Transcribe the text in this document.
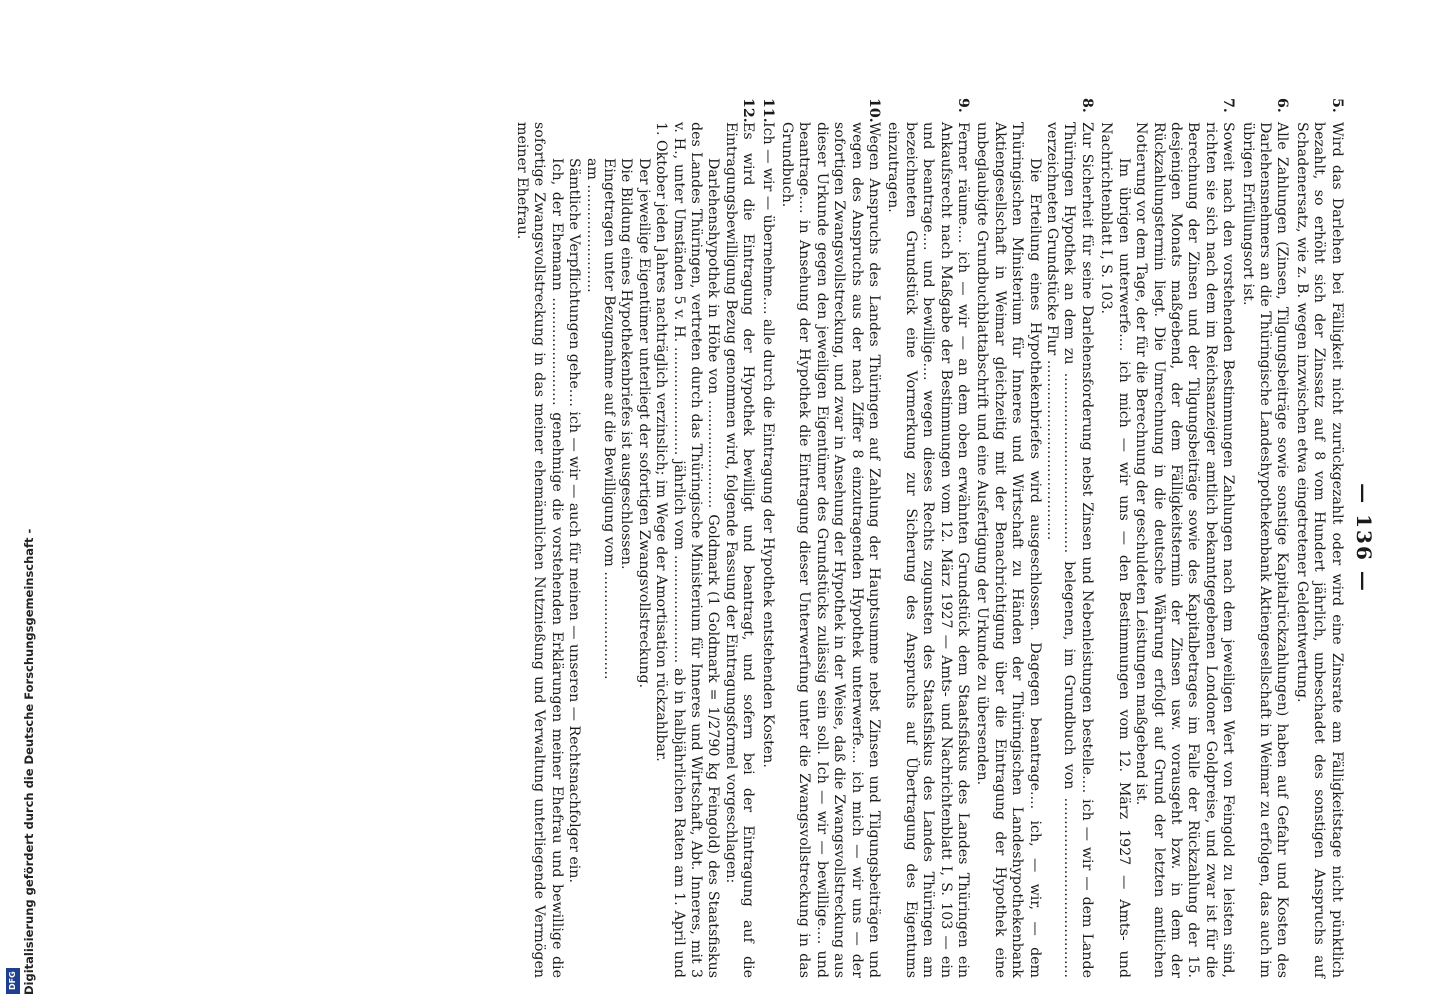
— 136 —
5.

Wird das Darlehen bei Fälligkeit nicht zurückgezahlt oder wird eine Zinsrate am Fälligkeitstage nicht pünktlich bezahlt, so erhöht sich der Zinssatz auf 8 vom Hundert jährlich, unbeschadet des sonstigen Anspruchs auf Schadenersatz, wie z. B. wegen inzwischen etwa eingetretener Geldentwertung.

6.

Alle Zahlungen (Zinsen, Tilgungsbeiträge sowie sonstige Kapitalrückzahlungen) haben auf Gefahr und Kosten des Darlehensnehmers an die Thüringische Landeshypothekenbank Aktiengesellschaft in Weimar zu erfolgen, das auch im übrigen Erfüllungsort ist.

7.

Soweit nach den vorstehenden Bestimmungen Zahlungen nach dem jeweiligen Wert von Feingold zu leisten sind, richten sie sich nach dem im Reichsanzeiger amtlich bekanntgegebenen Londoner Goldpreise, und zwar ist für die Berechnung der Zinsen und der Tilgungsbeiträge sowie des Kapitalbetrages im Falle der Rückzahlung der 15. desjenigen Monats maßgebend, der dem Fälligkeitstermin der Zinsen usw. vorausgeht bzw. in dem der Rückzahlungstermin liegt. Die Umrechnung in die deutsche Währung erfolgt auf Grund der letzten amtlichen Notierung vor dem Tage, der für die Berechnung der geschuldeten Leistungen maßgebend ist.

Im übrigen unterwerfe.... ich mich — wir uns — den Bestimmungen vom 12. März 1927 — Amts- und Nachrichtenblatt I, S. 103.

8.

Zur Sicherheit für seine Darlehensforderung nebst Zinsen und Nebenleistungen bestelle.... ich — wir — dem Lande Thüringen Hypothek an dem zu ........................................ belegenen, im Grundbuch von ........................................ verzeichneten Grundstücke Flur ........................................

Die Erteilung eines Hypothekenbriefes wird ausgeschlossen. Dagegen beantrage.... ich, — wir, — dem Thüringischen Ministerium für Inneres und Wirtschaft zu Händen der Thüringischen Landeshypothekenbank Aktiengesellschaft in Weimar gleichzeitig mit der Benachrichtigung über die Eintragung der Hypothek eine unbeglaubigte Grundbuchblattabschrift und eine Ausfertigung der Urkunde zu übersenden.

9.

Ferner räume.... ich — wir — an dem oben erwähnten Grundstück dem Staatsfiskus des Landes Thüringen ein Ankaufsrecht nach Maßgabe der Bestimmungen vom 12. März 1927 — Amts- und Nachrichtenblatt I, S. 103 — ein und beantrage.... und bewillige.... wegen dieses Rechts zugunsten des Staatsfiskus des Landes Thüringen am bezeichneten Grundstück eine Vormerkung zur Sicherung des Anspruchs auf Übertragung des Eigentums einzutragen.

10.

Wegen Anspruchs des Landes Thüringen auf Zahlung der Hauptsumme nebst Zinsen und Tilgungsbeiträgen und wegen des Anspruchs aus der nach Ziffer 8 einzutragenden Hypothek unterwerfe.... ich mich — wir uns — der sofortigen Zwangsvollstreckung, und zwar in Ansehung der Hypothek in der Weise, daß die Zwangsvollstreckung aus dieser Urkunde gegen den jeweiligen Eigentümer des Grundstücks zulässig sein soll. Ich — wir — bewillige.... und beantrage.... in Ansehung der Hypothek die Eintragung dieser Unterwerfung unter die Zwangsvollstreckung in das Grundbuch.

11.

Ich — wir — übernehme.... alle durch die Eintragung der Hypothek entstehenden Kosten.

12.

Es wird die Eintragung der Hypothek bewilligt und beantragt, und sofern bei der Eintragung auf die Eintragungsbewilligung Bezug genommen wird, folgende Fassung der Eintragungsformel vorgeschlagen:

Darlehenshypothek in Höhe von ........................ Goldmark (1 Goldmark = 1/2790 kg Feingold) des Staatsfiskus des Landes Thüringen, vertreten durch das Thüringische Ministerium für Inneres und Wirtschaft, Abt. Inneres, mit 3 v. H., unter Umständen 5 v. H. ........................ jährlich vom ........................ ab in halbjährlichen Raten am 1. April und 1. Oktober jeden Jahres nachträglich verzinslich; im Wege der Amortisation rückzahlbar.

Der jeweilige Eigentümer unterliegt der sofortigen Zwangsvollstreckung.

Die Bildung eines Hypothekenbriefes ist ausgeschlossen.

Eingetragen unter Bezugnahme auf die Bewilligung vom ........................

am ........................

Sämtliche Verpflichtungen gehe.... ich — wir — auch für meinen — unseren — Rechtsnachfolger ein.

Ich, der Ehemann ........................ genehmige die vorstehenden Erklärungen meiner Ehefrau und bewillige die sofortige Zwangsvollstreckung in das meiner ehemännlichen Nutznießung und Verwaltung unterliegende Vermögen meiner Ehefrau.

Digitalisierung gefördert durch die Deutsche Forschungsgemeinschaft -
DFG
